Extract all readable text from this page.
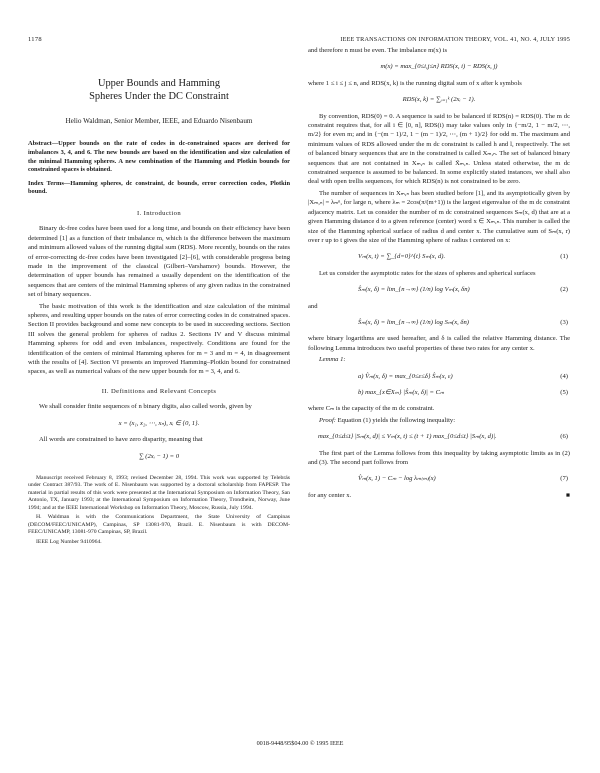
1178	IEEE TRANSACTIONS ON INFORMATION THEORY, VOL. 41, NO. 4, JULY 1995
Upper Bounds and Hamming
Spheres Under the DC Constraint
Helio Waldman, Senior Member, IEEE, and Eduardo Nisenbaum
Abstract—Upper bounds on the rate of codes in dc-constrained spaces are derived for imbalances 3, 4, and 6. The new bounds are based on the identification and size calculation of the minimal Hamming spheres. A new combination of the Hamming and Plotkin bounds for constrained spaces is obtained.
Index Terms—Hamming spheres, dc constraint, dc bounds, error correction codes, Plotkin bound.
I. Introduction

Binary dc-free codes have been used for a long time, and bounds on their efficiency have been determined [1] as a function of their imbalance m, which is the difference between the maximum and minimum allowed values of the running digital sum (RDS). More recently, bounds on the rates of error-correcting dc-free codes have been investigated [2]–[6], with considerable progress being made in the improvement of the classical (Gilbert–Varshamov) bounds. However, the determination of upper bounds has remained a usually dependent on the identification of the sequences that are centers of the minimal Hamming spheres of any given radius in the constrained set of binary sequences.

The basic motivation of this work is the identification and size calculation of the minimal spheres, and resulting upper bounds on the rates of error correcting codes in dc constrained spaces. Section II provides background and some new concepts to be used in succeeding sections. Section III solves the general problem for spheres of radius 2. Sections IV and V discuss minimal Hamming spheres for odd and even imbalances, respectively. Conditions are found for the identification of the centers of minimal Hamming spheres for m = 3 and m = 4, in disagreement with the results of [4]. Section VI presents an improved Hamming–Plotkin bound for constrained spaces, as well as numerical values of the new upper bounds for m = 3, 4, and 6.

II. Definitions and Relevant Concepts

We shall consider finite sequences of n binary digits, also called words, given by

x = (x₁, x₂, ⋯, xₙ), xᵢ ∈ {0, 1}.

All words are constrained to have zero disparity, meaning that

∑ (2xᵢ − 1) = 0

Manuscript received February 8, 1993; revised December 28, 1994. This work was supported by Telebrás under Contract 387/93. The work of E. Nisenbaum was supported by a doctoral scholarship from FAPESP. The material in partial results of this work were presented at the International Symposium on Information Theory, San Antonio, TX, January 1993; at the International Symposium on Information Theory, Trondheim, Norway, June 1994; and at the IEEE International Workshop on Information Theory, Moscow, Russia, July 1994.

H. Waldman is with the Communications Department, the State University of Campinas (DECOM/FEEC/UNICAMP), Campinas, SP 13081-970, Brazil. E. Nisenbaum is with DECOM-FEEC/UNICAMP, 13081-970 Campinas, SP, Brazil.

IEEE Log Number 9410964.

and therefore n must be even. The imbalance m(x) is

m(x) = max_{0≤i,j≤n} RDS(x, i) − RDS(x, j)

where 1 ≤ i ≤ j ≤ n, and RDS(x, k) is the running digital sum of x after k symbols

RDS(x, k) = ∑ᵢ₌₁ᵏ (2xᵢ − 1).

By convention, RDS(0) = 0. A sequence is said to be balanced if RDS(n) = RDS(0). The m dc constraint requires that, for all i ∈ [0, n], RDS(i) may take values only in {−m/2, 1 − m/2, ⋯, m/2} for even m; and in {−(m − 1)/2, 1 − (m − 1)/2, ⋯, (m + 1)/2} for odd m. The maximum and minimum values of RDS allowed under the m dc constraint is called h and l, respectively. The set of balanced binary sequences that are in the constrained is called Xₘ,ₙ. The set of balanced binary sequences that are not contained in Xₘ,ₙ is called X̄ₘ,ₙ. Unless stated otherwise, the m dc constrained sequence is assumed to be balanced. In some explicitly stated instances, we shall also deal with open trellis sequences, for which RDS(n) is not constrained to be zero.

The number of sequences in Xₘ,ₙ has been studied before [1], and its asymptotically given by |Xₘ,ₙ| = λₘⁿ, for large n, where λₘ = 2cos(π/(m+1)) is the largest eigenvalue of the m dc constraint adjacency matrix. Let us consider the number of m dc constrained sequences Sₘ(x, d) that are at a given Hamming distance d to a given reference (center) word x ∈ Xₘ,ₙ. This number is called the size of the Hamming spherical surface of radius d and center x. The cumulative sum of Sₘ(x, r) over r up to t gives the size of the Hamming sphere of radius t centered on x:

Vₘ(x, t) = ∑_{d=0}^{t} Sₘ(x, d).	(1)

Let us consider the asymptotic rates for the sizes of spheres and spherical surfaces

Ŝₘ(x, δ) = lim_{n→∞} (1/n) log Vₘ(x, δn)	(2)

and

Ŝₘ(x, δ) = lim_{n→∞} (1/n) log Sₘ(x, δn)	(3)

where binary logarithms are used hereafter, and δ is called the relative Hamming distance. The following Lemma introduces two useful properties of these two rates for any center x.

Lemma 1:
a) V̂ₘ(x, δ) = max_{0≤ε≤δ} Ŝₘ(x, ε)	(4)
b) max_{x∈Xₘ} |Ŝₘ(x, δ)| = Cₘ	(5)

where Cₘ is the capacity of the m dc constraint.

Proof: Equation (1) yields the following inequality:

max_{0≤d≤t} |Sₘ(x, d)| ≤ Vₘ(x, t) ≤ (t + 1) max_{0≤d≤t} |Sₘ(x, d)|.	(6)

The first part of the Lemma follows from this inequality by taking asymptotic limits as in (2) and (3). The second part follows from

V̂ₘ(x, 1) − Cₘ − log λₘ₍ₘ₎(x)	(7)
for any center x.	■
0018-9448/95$04.00 © 1995 IEEE
